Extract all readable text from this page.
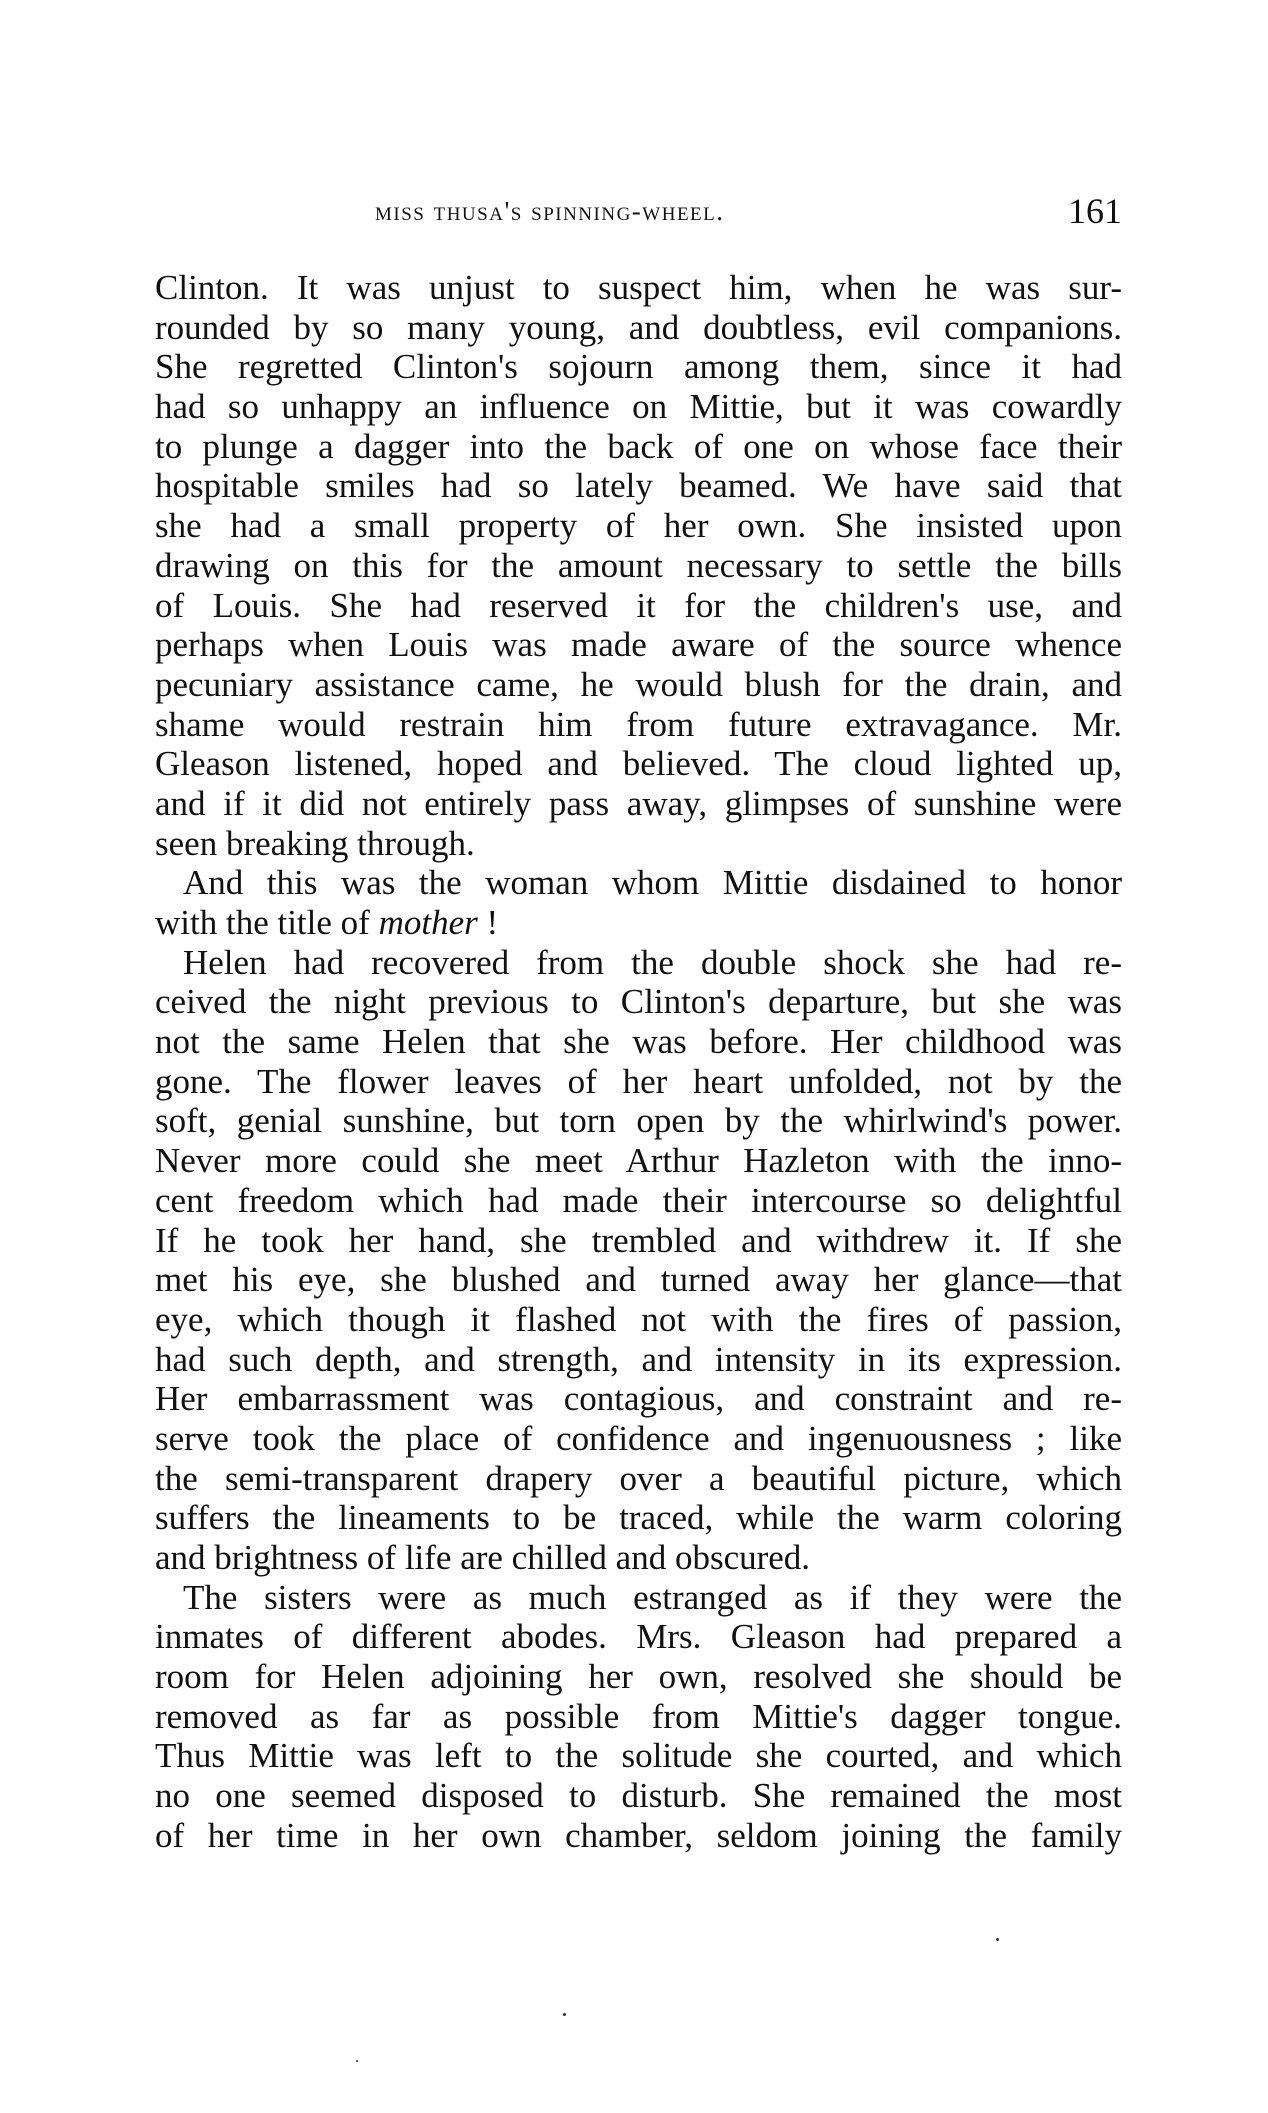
miss thusa's spinning-wheel.	161
Clinton. It was unjust to suspect him, when he was sur-
rounded by so many young, and doubtless, evil companions.
She regretted Clinton's sojourn among them, since it had
had so unhappy an influence on Mittie, but it was cowardly
to plunge a dagger into the back of one on whose face their
hospitable smiles had so lately beamed. We have said that
she had a small property of her own. She insisted upon
drawing on this for the amount necessary to settle the bills
of Louis. She had reserved it for the children's use, and
perhaps when Louis was made aware of the source whence
pecuniary assistance came, he would blush for the drain, and
shame would restrain him from future extravagance. Mr.
Gleason listened, hoped and believed. The cloud lighted up,
and if it did not entirely pass away, glimpses of sunshine were
seen breaking through.
And this was the woman whom Mittie disdained to honor
with the title of mother !
Helen had recovered from the double shock she had re-
ceived the night previous to Clinton's departure, but she was
not the same Helen that she was before. Her childhood was
gone. The flower leaves of her heart unfolded, not by the
soft, genial sunshine, but torn open by the whirlwind's power.
Never more could she meet Arthur Hazleton with the inno-
cent freedom which had made their intercourse so delightful
If he took her hand, she trembled and withdrew it. If she
met his eye, she blushed and turned away her glance—that
eye, which though it flashed not with the fires of passion,
had such depth, and strength, and intensity in its expression.
Her embarrassment was contagious, and constraint and re-
serve took the place of confidence and ingenuousness ; like
the semi-transparent drapery over a beautiful picture, which
suffers the lineaments to be traced, while the warm coloring
and brightness of life are chilled and obscured.
The sisters were as much estranged as if they were the
inmates of different abodes. Mrs. Gleason had prepared a
room for Helen adjoining her own, resolved she should be
removed as far as possible from Mittie's dagger tongue.
Thus Mittie was left to the solitude she courted, and which
no one seemed disposed to disturb. She remained the most
of her time in her own chamber, seldom joining the family
